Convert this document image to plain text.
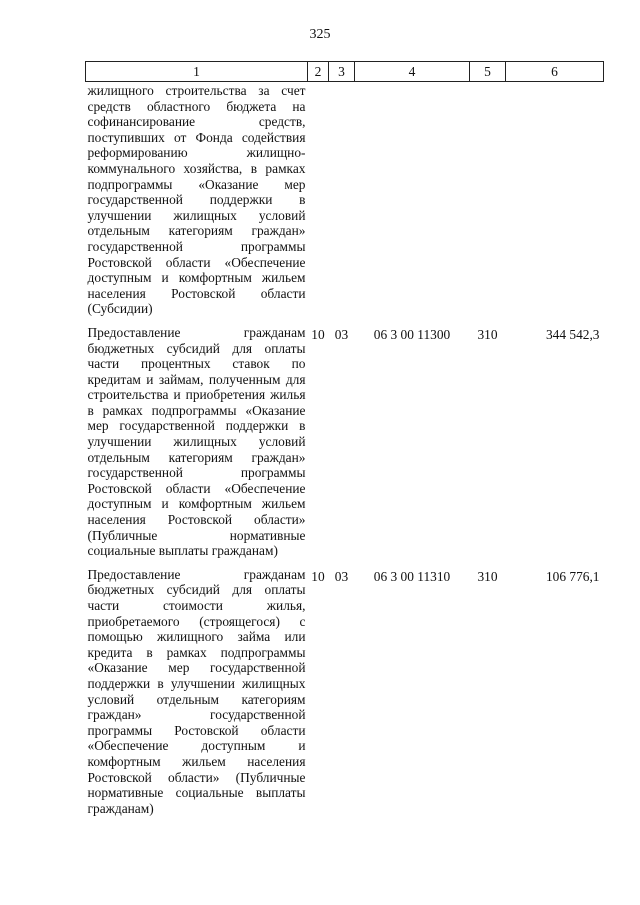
325
1	2	3	4	5	6
жилищного строительства за счет средств областного бюджета на софинансирование средств, поступивших от Фонда содействия реформированию жилищно-коммунального хозяйства, в рамках подпрограммы «Оказание мер государственной поддержки в улучшении жилищных условий отдельным категориям граждан» государственной программы Ростовской области «Обеспечение доступным и комфортным жильем населения Ростовской области (Субсидии)					
Предоставление гражданам бюджетных субсидий для оплаты части процентных ставок по кредитам и займам, полученным для строительства и приобретения жилья в рамках подпрограммы «Оказание мер государственной поддержки в улучшении жилищных условий отдельным категориям граждан» государственной программы Ростовской области «Обеспечение доступным и комфортным жильем населения Ростовской области» (Публичные нормативные социальные выплаты гражданам)	10	03	06 3 00 11300	310	344 542,3
Предоставление гражданам бюджетных субсидий для оплаты части стоимости жилья, приобретаемого (строящегося) с помощью жилищного займа или кредита в рамках подпрограммы «Оказание мер государственной поддержки в улучшении жилищных условий отдельным категориям граждан» государственной программы Ростовской области «Обеспечение доступным и комфортным жильем населения Ростовской области» (Публичные нормативные социальные выплаты гражданам)	10	03	06 3 00 11310	310	106 776,1
